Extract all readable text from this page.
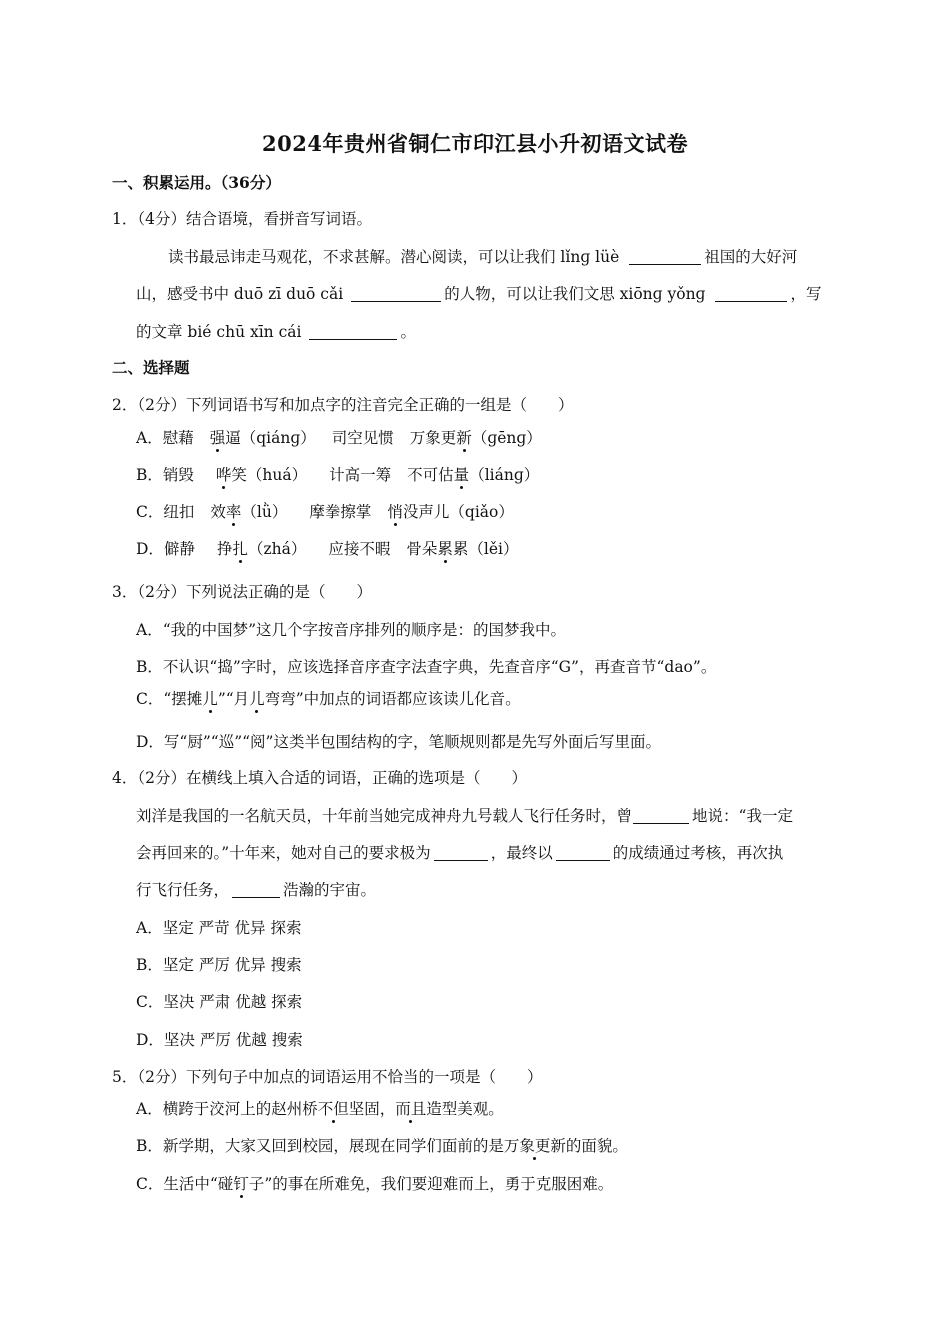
2024年贵州省铜仁市印江县小升初语文试卷
一、积累运用。（36分）
1．（4分）结合语境，看拼音写词语。
读书最忌讳走马观花，不求甚解。潜心阅读，可以让我们 lǐnɡ lüè	祖国的大好河
山，感受书中 duō zī duō cǎi	的人物，可以让我们文思 xiōnɡ yǒnɡ	，写
的文章 bié chū xīn cái	。
二、选择题
2．（2分）下列词语书写和加点字的注音完全正确的一组是（　　）
A．慰藉 强逼（qiánɡ） 司空见惯 万象更新（ɡēnɡ）
B．销毁 哗笑（huá） 计高一筹 不可估量（liánɡ）
C．纽扣 效率（lǜ） 摩拳擦掌 悄没声儿（qiǎo）
D．僻静 挣扎（zhá） 应接不暇 骨朵累累（lěi）
3．（2分）下列说法正确的是（　　）
A．“我的中国梦”这几个字按音序排列的顺序是：的国梦我中。
B．不认识“捣”字时，应该选择音序查字法查字典，先查音序“G”，再查音节“dao”。
C．“摆摊儿”“月儿弯弯”中加点的词语都应该读儿化音。
D．写“厨”“巡”“阅”这类半包围结构的字，笔顺规则都是先写外面后写里面。
4．（2分）在横线上填入合适的词语，正确的选项是（　　）
刘洋是我国的一名航天员，十年前当她完成神舟九号载人飞行任务时，曾	地说：“我一定
会再回来的。”十年来，她对自己的要求极为	，最终以	的成绩通过考核，再次执
行飞行任务，	浩瀚的宇宙。
A．坚定 严苛 优异 探索
B．坚定 严厉 优异 搜索
C．坚决 严肃 优越 探索
D．坚决 严厉 优越 搜索
5．（2分）下列句子中加点的词语运用不恰当的一项是（　　）
A．横跨于洨河上的赵州桥不但坚固，而且造型美观。
B．新学期，大家又回到校园，展现在同学们面前的是万象更新的面貌。
C．生活中“碰钉子”的事在所难免，我们要迎难而上，勇于克服困难。
